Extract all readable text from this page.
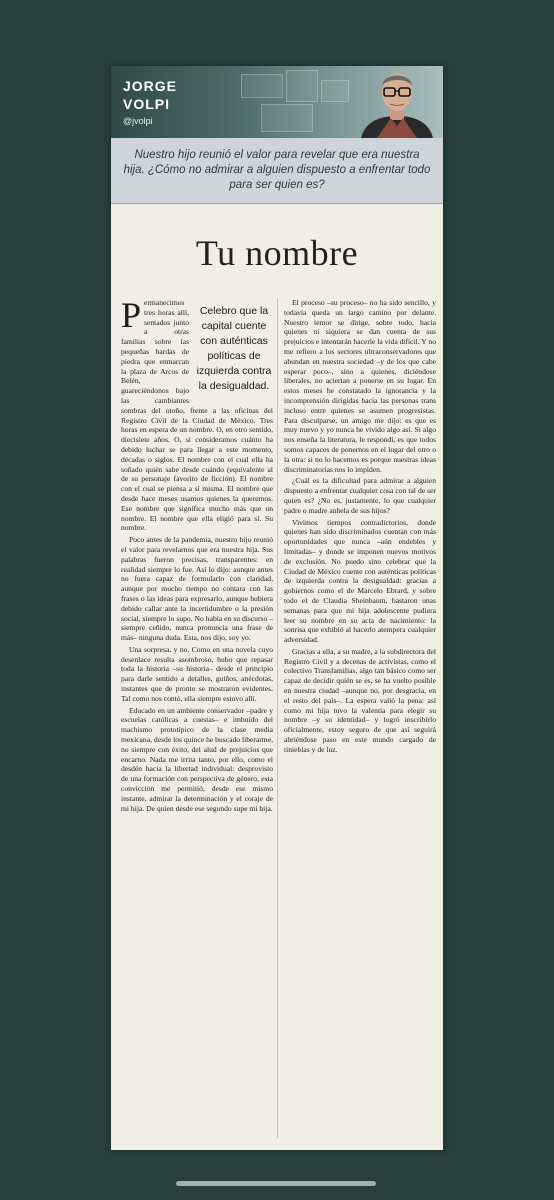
JORGE
VOLPI
@jvolpi
Nuestro hijo reunió el valor para revelar que era nuestra hija. ¿Cómo no admirar a alguien dispuesto a enfrentar todo para ser quien es?
Tu nombre

P	Celebro que la capital cuente con auténticas políticas de izquierda contra la desigualdad.
ermanecimos tres horas allí, sentados junto a otras familias sobre las pequeñas bardas de piedra que enmarcan la plaza de Arcos de Belén, guareciéndonos bajo las cambiantes sombras del otoño, frente a las oficinas del Registro Civil de la Ciudad de México. Tres horas en espera de un nombre. O, en otro sentido, diecisiete años. O, si consideramos cuánto ha debido luchar se para llegar a este momento, décadas o siglos. El nombre con el cual ella ha soñado quién sabe desde cuándo (equivalente al de su personaje favorito de ficción). El nombre con el cual se piensa a sí misma. El nombre que desde hace meses usamos quienes la queremos. Ese nombre que significa mucho más que un nombre. El nombre que ella eligió para sí. Su nombre.

Poco antes de la pandemia, nuestro hijo reunió el valor para revelarnos que era nuestra hija. Sus palabras fueron precisas, transparentes: en realidad siempre lo fue. Así lo dijo: aunque antes no fuera capaz de formularlo con claridad, aunque por mucho tiempo no contara con las frases o las ideas para expresarlo, aunque hubiera debido callar ante la incertidumbre o la presión social, siempre lo supo. No había en su discurso –siempre ceñido, nunca pronuncia una frase de más– ninguna duda. Esta, nos dijo, soy yo.

Una sorpresa, y no. Como en una novela cuyo desenlace resulta asombroso, hubo que repasar toda la historia –su historia– desde el principio para darle sentido a detalles, guiños, anécdotas, instantes que de pronto se mostraron evidentes. Tal como nos contó, ella siempre estuvo allí.

Educado en un ambiente conservador –padre y escuelas católicas a cuestas– e imbuido del machismo prototípico de la clase media mexicana, desde los quince he buscado liberarme, no siempre con éxito, del alud de prejuicios que encarno. Nada me irrita tanto, por ello, como el desdén hacia la libertad individual: desprovisto de una formación con perspectiva de género, esta convicción me permitió, desde ese mismo instante, admirar la determinación y el coraje de mi hija. De quien desde ese segundo supe mi hija.

El proceso –su proceso– no ha sido sencillo, y todavía queda un largo camino por delante. Nuestro temor se dirige, sobre todo, hacia quienes ni siquiera se dan cuenta de sus prejuicios e intentarán hacerle la vida difícil. Y no me refiero a los sectores ultraconservadores que abundan en nuestra sociedad –y de los que cabe esperar poco–, sino a quienes, diciéndose liberales, no aciertan a ponerse en su lugar. En estos meses he constatado la ignorancia y la incomprensión dirigidas hacia las personas trans incluso entre quienes se asumen progresistas. Para disculparse, un amigo me dijo: es que es muy nuevo y yo nunca he vivido algo así. Si algo nos enseña la literatura, le respondí, es que todos somos capaces de ponernos en el lugar del otro o la otra: si no lo hacemos es porque nuestras ideas discriminatorias nos lo impiden.

¿Cuál es la dificultad para admirar a alguien dispuesto a enfrentar cualquier cosa con tal de ser quien es? ¿No es, justamente, lo que cualquier padre o madre anhela de sus hijos?

Vivimos tiempos contradictorios, donde quienes han sido discriminados cuentan con más oportunidades que nunca –aún endebles y limitadas– y donde se imponen nuevos motivos de exclusión. No puedo sino celebrar que la Ciudad de México cuente con auténticas políticas de izquierda contra la desigualdad: gracias a gobiernos como el de Marcelo Ebrard, y sobre todo el de Claudia Sheinbaum, bastaron unas semanas para que mi hija adolescente pudiera leer su nombre en su acta de nacimiento: la sonrisa que exhibió al hacerlo atempera cualquier adversidad.

Gracias a ella, a su madre, a la subdirectora del Registro Civil y a decenas de activistas, como el colectivo Transfamilias, algo tan básico como ser capaz de decidir quién se es, se ha vuelto posible en nuestra ciudad –aunque no, por desgracia, en el resto del país–. La espera valió la pena: así como mi hija tuvo la valentía para elegir su nombre –y su identidad– y logró inscribirlo oficialmente, estoy seguro de que así seguirá abriéndose paso en este mundo cargado de tinieblas y de luz.
